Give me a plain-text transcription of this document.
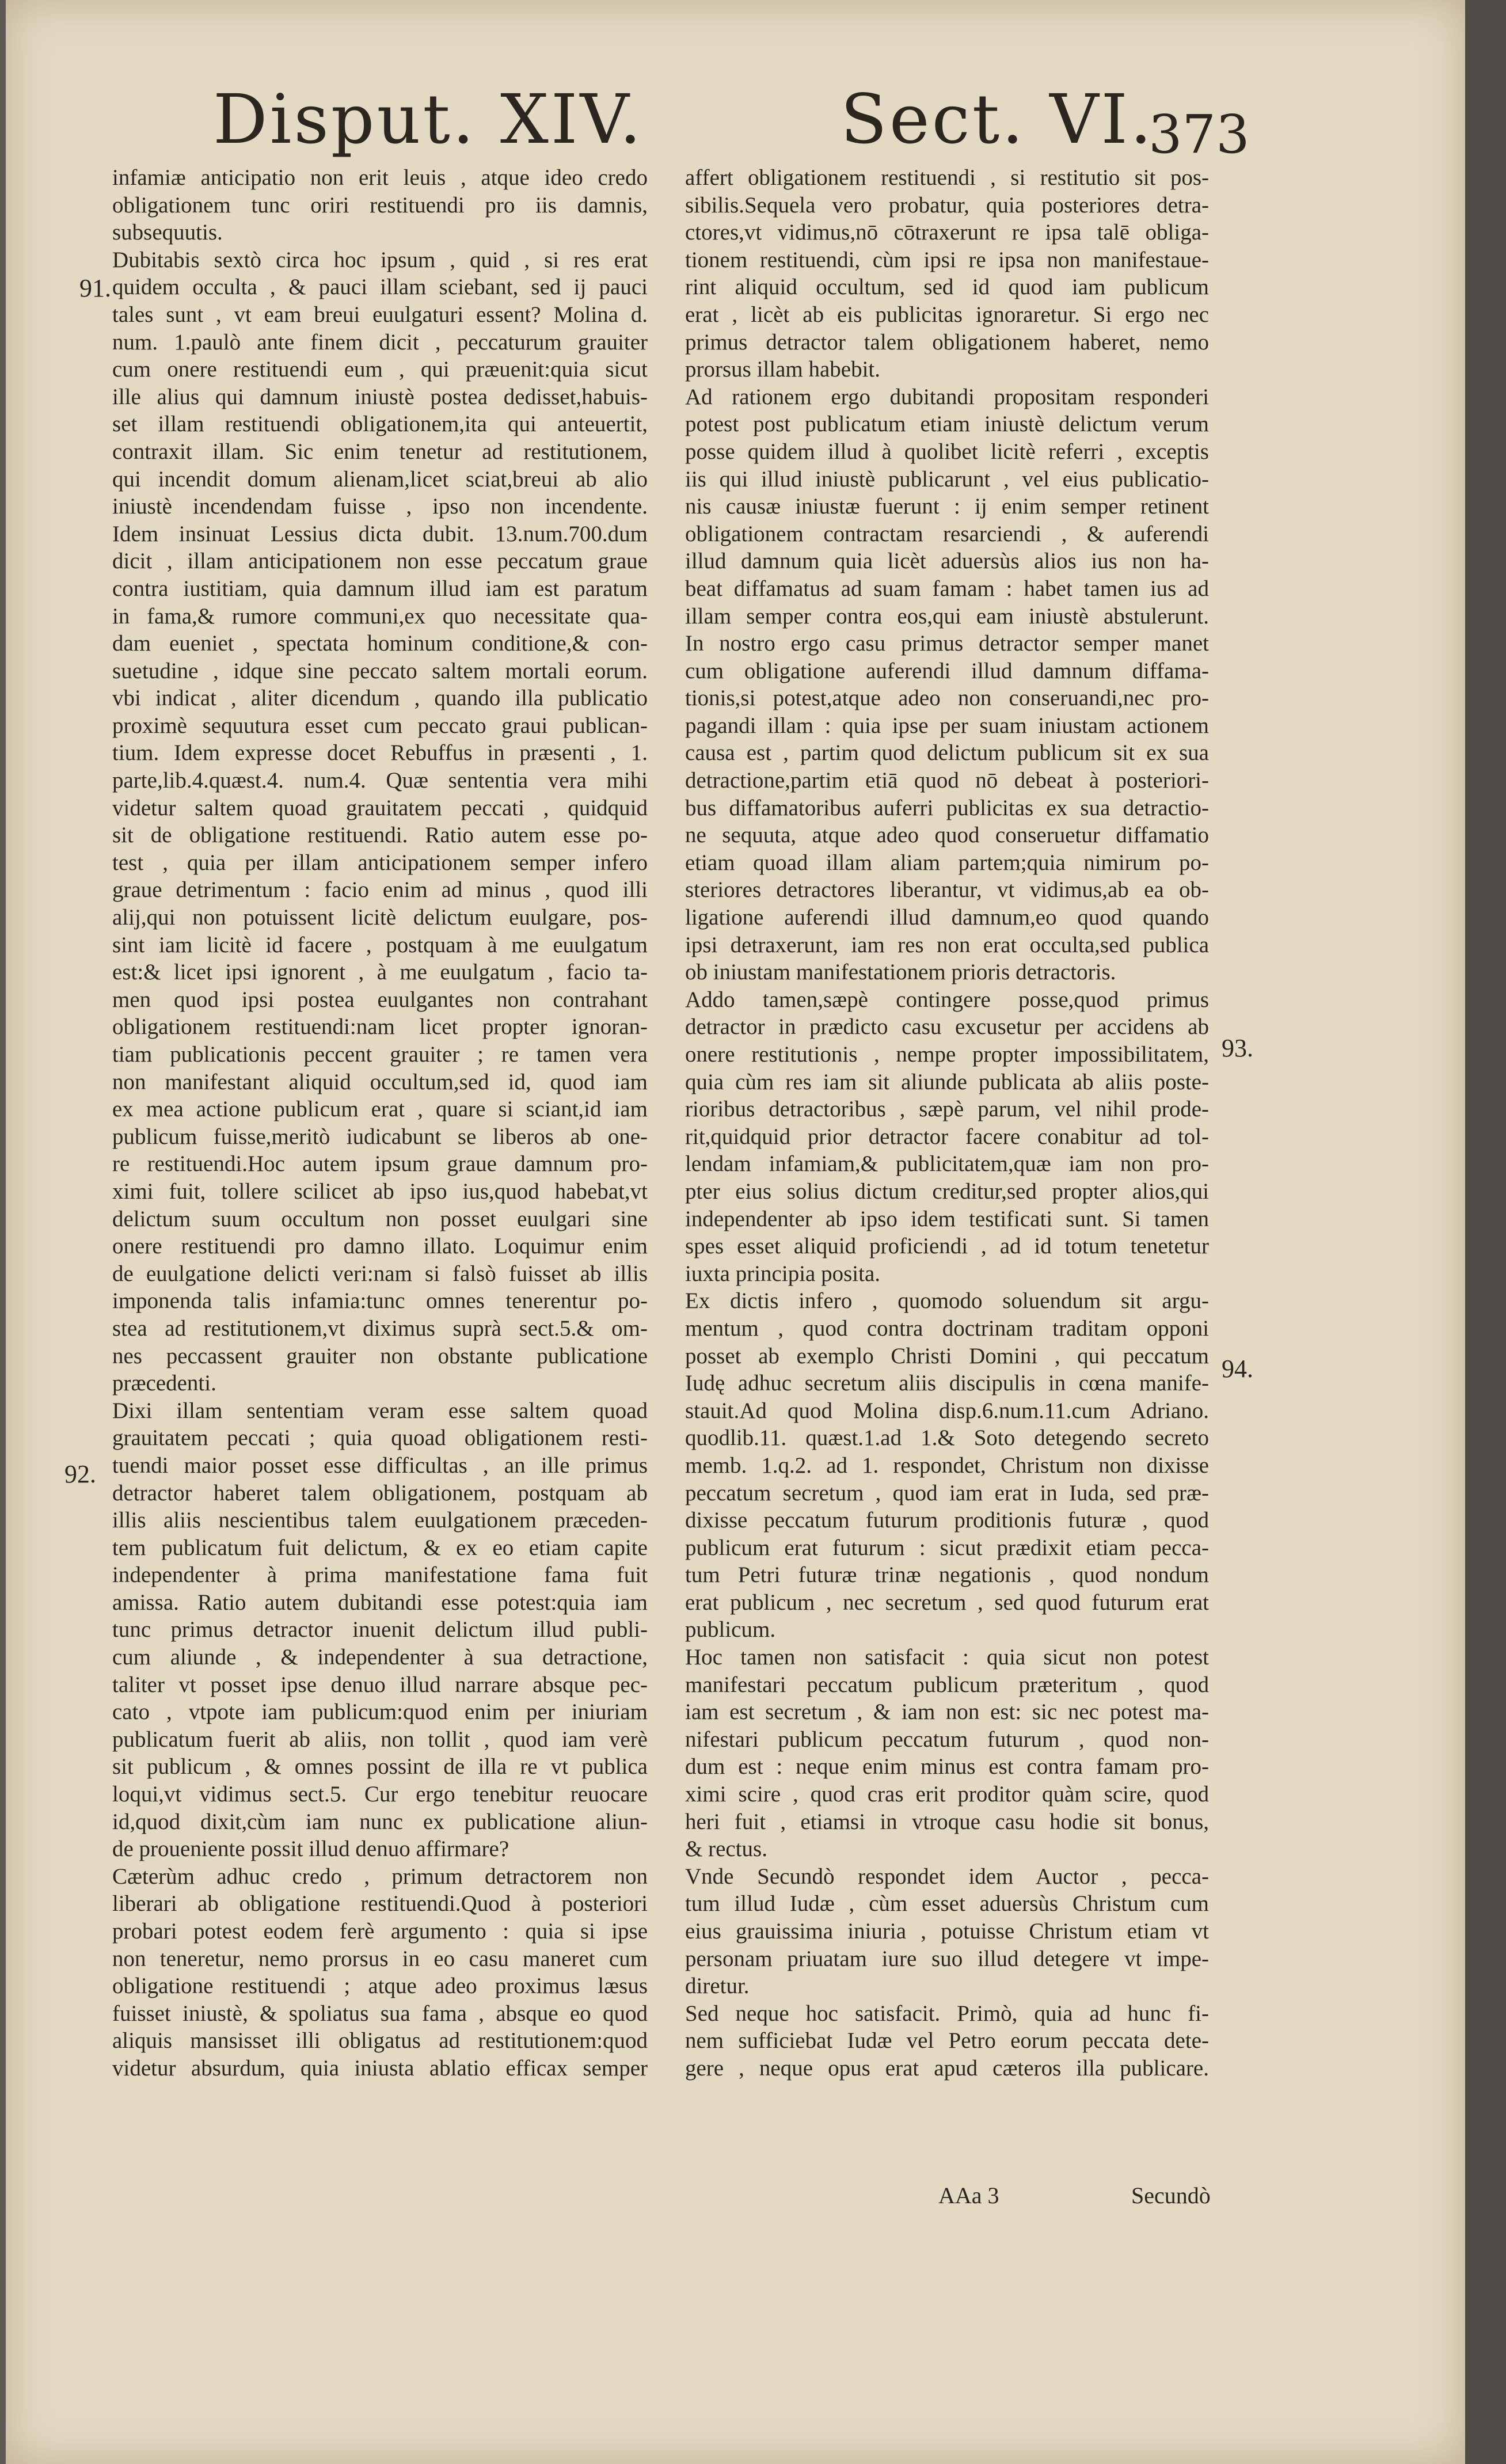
Disput. XIV.	Sect. VI.
373
91.
92.
93.
94.
infamiæ anticipatio non erit leuis , atque ideo credo
obligationem tunc oriri restituendi pro iis damnis,
subsequutis.
Dubitabis sextò circa hoc ipsum , quid , si res erat
quidem occulta , & pauci illam sciebant, sed ij pauci
tales sunt , vt eam breui euulgaturi essent? Molina d.
num. 1.paulò ante finem dicit , peccaturum grauiter
cum onere restituendi eum , qui præuenit:quia sicut
ille alius qui damnum iniustè postea dedisset,habuis-
set illam restituendi obligationem,ita qui anteuertit,
contraxit illam. Sic enim tenetur ad restitutionem,
qui incendit domum alienam,licet sciat,breui ab alio
iniustè incendendam fuisse , ipso non incendente.
Idem insinuat Lessius dicta dubit. 13.num.700.dum
dicit , illam anticipationem non esse peccatum graue
contra iustitiam, quia damnum illud iam est paratum
in fama,& rumore communi,ex quo necessitate qua-
dam eueniet , spectata hominum conditione,& con-
suetudine , idque sine peccato saltem mortali eorum.
vbi indicat , aliter dicendum , quando illa publicatio
proximè sequutura esset cum peccato graui publican-
tium. Idem expresse docet Rebuffus in præsenti , 1.
parte,lib.4.quæst.4. num.4. Quæ sententia vera mihi
videtur saltem quoad grauitatem peccati , quidquid
sit de obligatione restituendi. Ratio autem esse po-
test , quia per illam anticipationem semper infero
graue detrimentum : facio enim ad minus , quod illi
alij,qui non potuissent licitè delictum euulgare, pos-
sint iam licitè id facere , postquam à me euulgatum
est:& licet ipsi ignorent , à me euulgatum , facio ta-
men quod ipsi postea euulgantes non contrahant
obligationem restituendi:nam licet propter ignoran-
tiam publicationis peccent grauiter ; re tamen vera
non manifestant aliquid occultum,sed id, quod iam
ex mea actione publicum erat , quare si sciant,id iam
publicum fuisse,meritò iudicabunt se liberos ab one-
re restituendi.Hoc autem ipsum graue damnum pro-
ximi fuit, tollere scilicet ab ipso ius,quod habebat,vt
delictum suum occultum non posset euulgari sine
onere restituendi pro damno illato. Loquimur enim
de euulgatione delicti veri:nam si falsò fuisset ab illis
imponenda talis infamia:tunc omnes tenerentur po-
stea ad restitutionem,vt diximus suprà sect.5.& om-
nes peccassent grauiter non obstante publicatione
præcedenti.
Dixi illam sententiam veram esse saltem quoad
grauitatem peccati ; quia quoad obligationem resti-
tuendi maior posset esse difficultas , an ille primus
detractor haberet talem obligationem, postquam ab
illis aliis nescientibus talem euulgationem præceden-
tem publicatum fuit delictum, & ex eo etiam capite
independenter à prima manifestatione fama fuit
amissa. Ratio autem dubitandi esse potest:quia iam
tunc primus detractor inuenit delictum illud publi-
cum aliunde , & independenter à sua detractione,
taliter vt posset ipse denuo illud narrare absque pec-
cato , vtpote iam publicum:quod enim per iniuriam
publicatum fuerit ab aliis, non tollit , quod iam verè
sit publicum , & omnes possint de illa re vt publica
loqui,vt vidimus sect.5. Cur ergo tenebitur reuocare
id,quod dixit,cùm iam nunc ex publicatione aliun-
de proueniente possit illud denuo affirmare?
Cæterùm adhuc credo , primum detractorem non
liberari ab obligatione restituendi.Quod à posteriori
probari potest eodem ferè argumento : quia si ipse
non teneretur, nemo prorsus in eo casu maneret cum
obligatione restituendi ; atque adeo proximus læsus
fuisset iniustè, & spoliatus sua fama , absque eo quod
aliquis mansisset illi obligatus ad restitutionem:quod
videtur absurdum, quia iniusta ablatio efficax semper
affert obligationem restituendi , si restitutio sit pos-
sibilis.Sequela vero probatur, quia posteriores detra-
ctores,vt vidimus,nō cōtraxerunt re ipsa talē obliga-
tionem restituendi, cùm ipsi re ipsa non manifestaue-
rint aliquid occultum, sed id quod iam publicum
erat , licèt ab eis publicitas ignoraretur. Si ergo nec
primus detractor talem obligationem haberet, nemo
prorsus illam habebit.
Ad rationem ergo dubitandi propositam responderi
potest post publicatum etiam iniustè delictum verum
posse quidem illud à quolibet licitè referri , exceptis
iis qui illud iniustè publicarunt , vel eius publicatio-
nis causæ iniustæ fuerunt : ij enim semper retinent
obligationem contractam resarciendi , & auferendi
illud damnum quia licèt aduersùs alios ius non ha-
beat diffamatus ad suam famam : habet tamen ius ad
illam semper contra eos,qui eam iniustè abstulerunt.
In nostro ergo casu primus detractor semper manet
cum obligatione auferendi illud damnum diffama-
tionis,si potest,atque adeo non conseruandi,nec pro-
pagandi illam : quia ipse per suam iniustam actionem
causa est , partim quod delictum publicum sit ex sua
detractione,partim etiā quod nō debeat à posteriori-
bus diffamatoribus auferri publicitas ex sua detractio-
ne sequuta, atque adeo quod conseruetur diffamatio
etiam quoad illam aliam partem;quia nimirum po-
steriores detractores liberantur, vt vidimus,ab ea ob-
ligatione auferendi illud damnum,eo quod quando
ipsi detraxerunt, iam res non erat occulta,sed publica
ob iniustam manifestationem prioris detractoris.
Addo tamen,sæpè contingere posse,quod primus
detractor in prædicto casu excusetur per accidens ab
onere restitutionis , nempe propter impossibilitatem,
quia cùm res iam sit aliunde publicata ab aliis poste-
rioribus detractoribus , sæpè parum, vel nihil prode-
rit,quidquid prior detractor facere conabitur ad tol-
lendam infamiam,& publicitatem,quæ iam non pro-
pter eius solius dictum creditur,sed propter alios,qui
independenter ab ipso idem testificati sunt. Si tamen
spes esset aliquid proficiendi , ad id totum tenetetur
iuxta principia posita.
Ex dictis infero , quomodo soluendum sit argu-
mentum , quod contra doctrinam traditam opponi
posset ab exemplo Christi Domini , qui peccatum
Iudę adhuc secretum aliis discipulis in cœna manife-
stauit.Ad quod Molina disp.6.num.11.cum Adriano.
quodlib.11. quæst.1.ad 1.& Soto detegendo secreto
memb. 1.q.2. ad 1. respondet, Christum non dixisse
peccatum secretum , quod iam erat in Iuda, sed præ-
dixisse peccatum futurum proditionis futuræ , quod
publicum erat futurum : sicut prædixit etiam pecca-
tum Petri futuræ trinæ negationis , quod nondum
erat publicum , nec secretum , sed quod futurum erat
publicum.
Hoc tamen non satisfacit : quia sicut non potest
manifestari peccatum publicum præteritum , quod
iam est secretum , & iam non est: sic nec potest ma-
nifestari publicum peccatum futurum , quod non-
dum est : neque enim minus est contra famam pro-
ximi scire , quod cras erit proditor quàm scire, quod
heri fuit , etiamsi in vtroque casu hodie sit bonus,
& rectus.
Vnde Secundò respondet idem Auctor , pecca-
tum illud Iudæ , cùm esset aduersùs Christum cum
eius grauissima iniuria , potuisse Christum etiam vt
personam priuatam iure suo illud detegere vt impe-
diretur.
Sed neque hoc satisfacit. Primò, quia ad hunc fi-
nem sufficiebat Iudæ vel Petro eorum peccata dete-
gere , neque opus erat apud cæteros illa publicare.
AAa 3	Secundò
